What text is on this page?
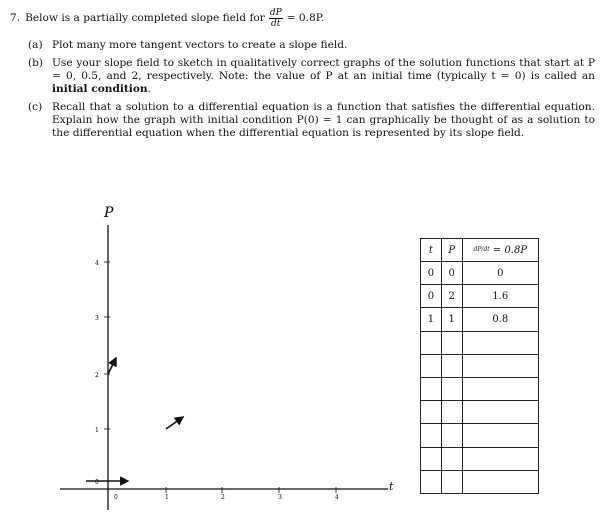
7. Below is a partially completed slope field for $\frac{dP}{dt} = 0.8P$.
(a) Plot many more tangent vectors to create a slope field.
(b) Use your slope field to sketch in qualitatively correct graphs of the solution functions that start at P = 0, 0.5, and 2, respectively. Note: the value of P at an initial time (typically t = 0) is called an initial condition.
(c) Recall that a solution to a differential equation is a function that satisfies the differential equation. Explain how the graph with initial condition P(0) = 1 can graphically be thought of as a solution to the differential equation when the differential equation is represented by its slope field.
P
t
0
1
2
3
4
0	1	2	3	4
t	P	dP/dt = 0.8P
0	0	0
0	2	1.6
1	1	0.8
